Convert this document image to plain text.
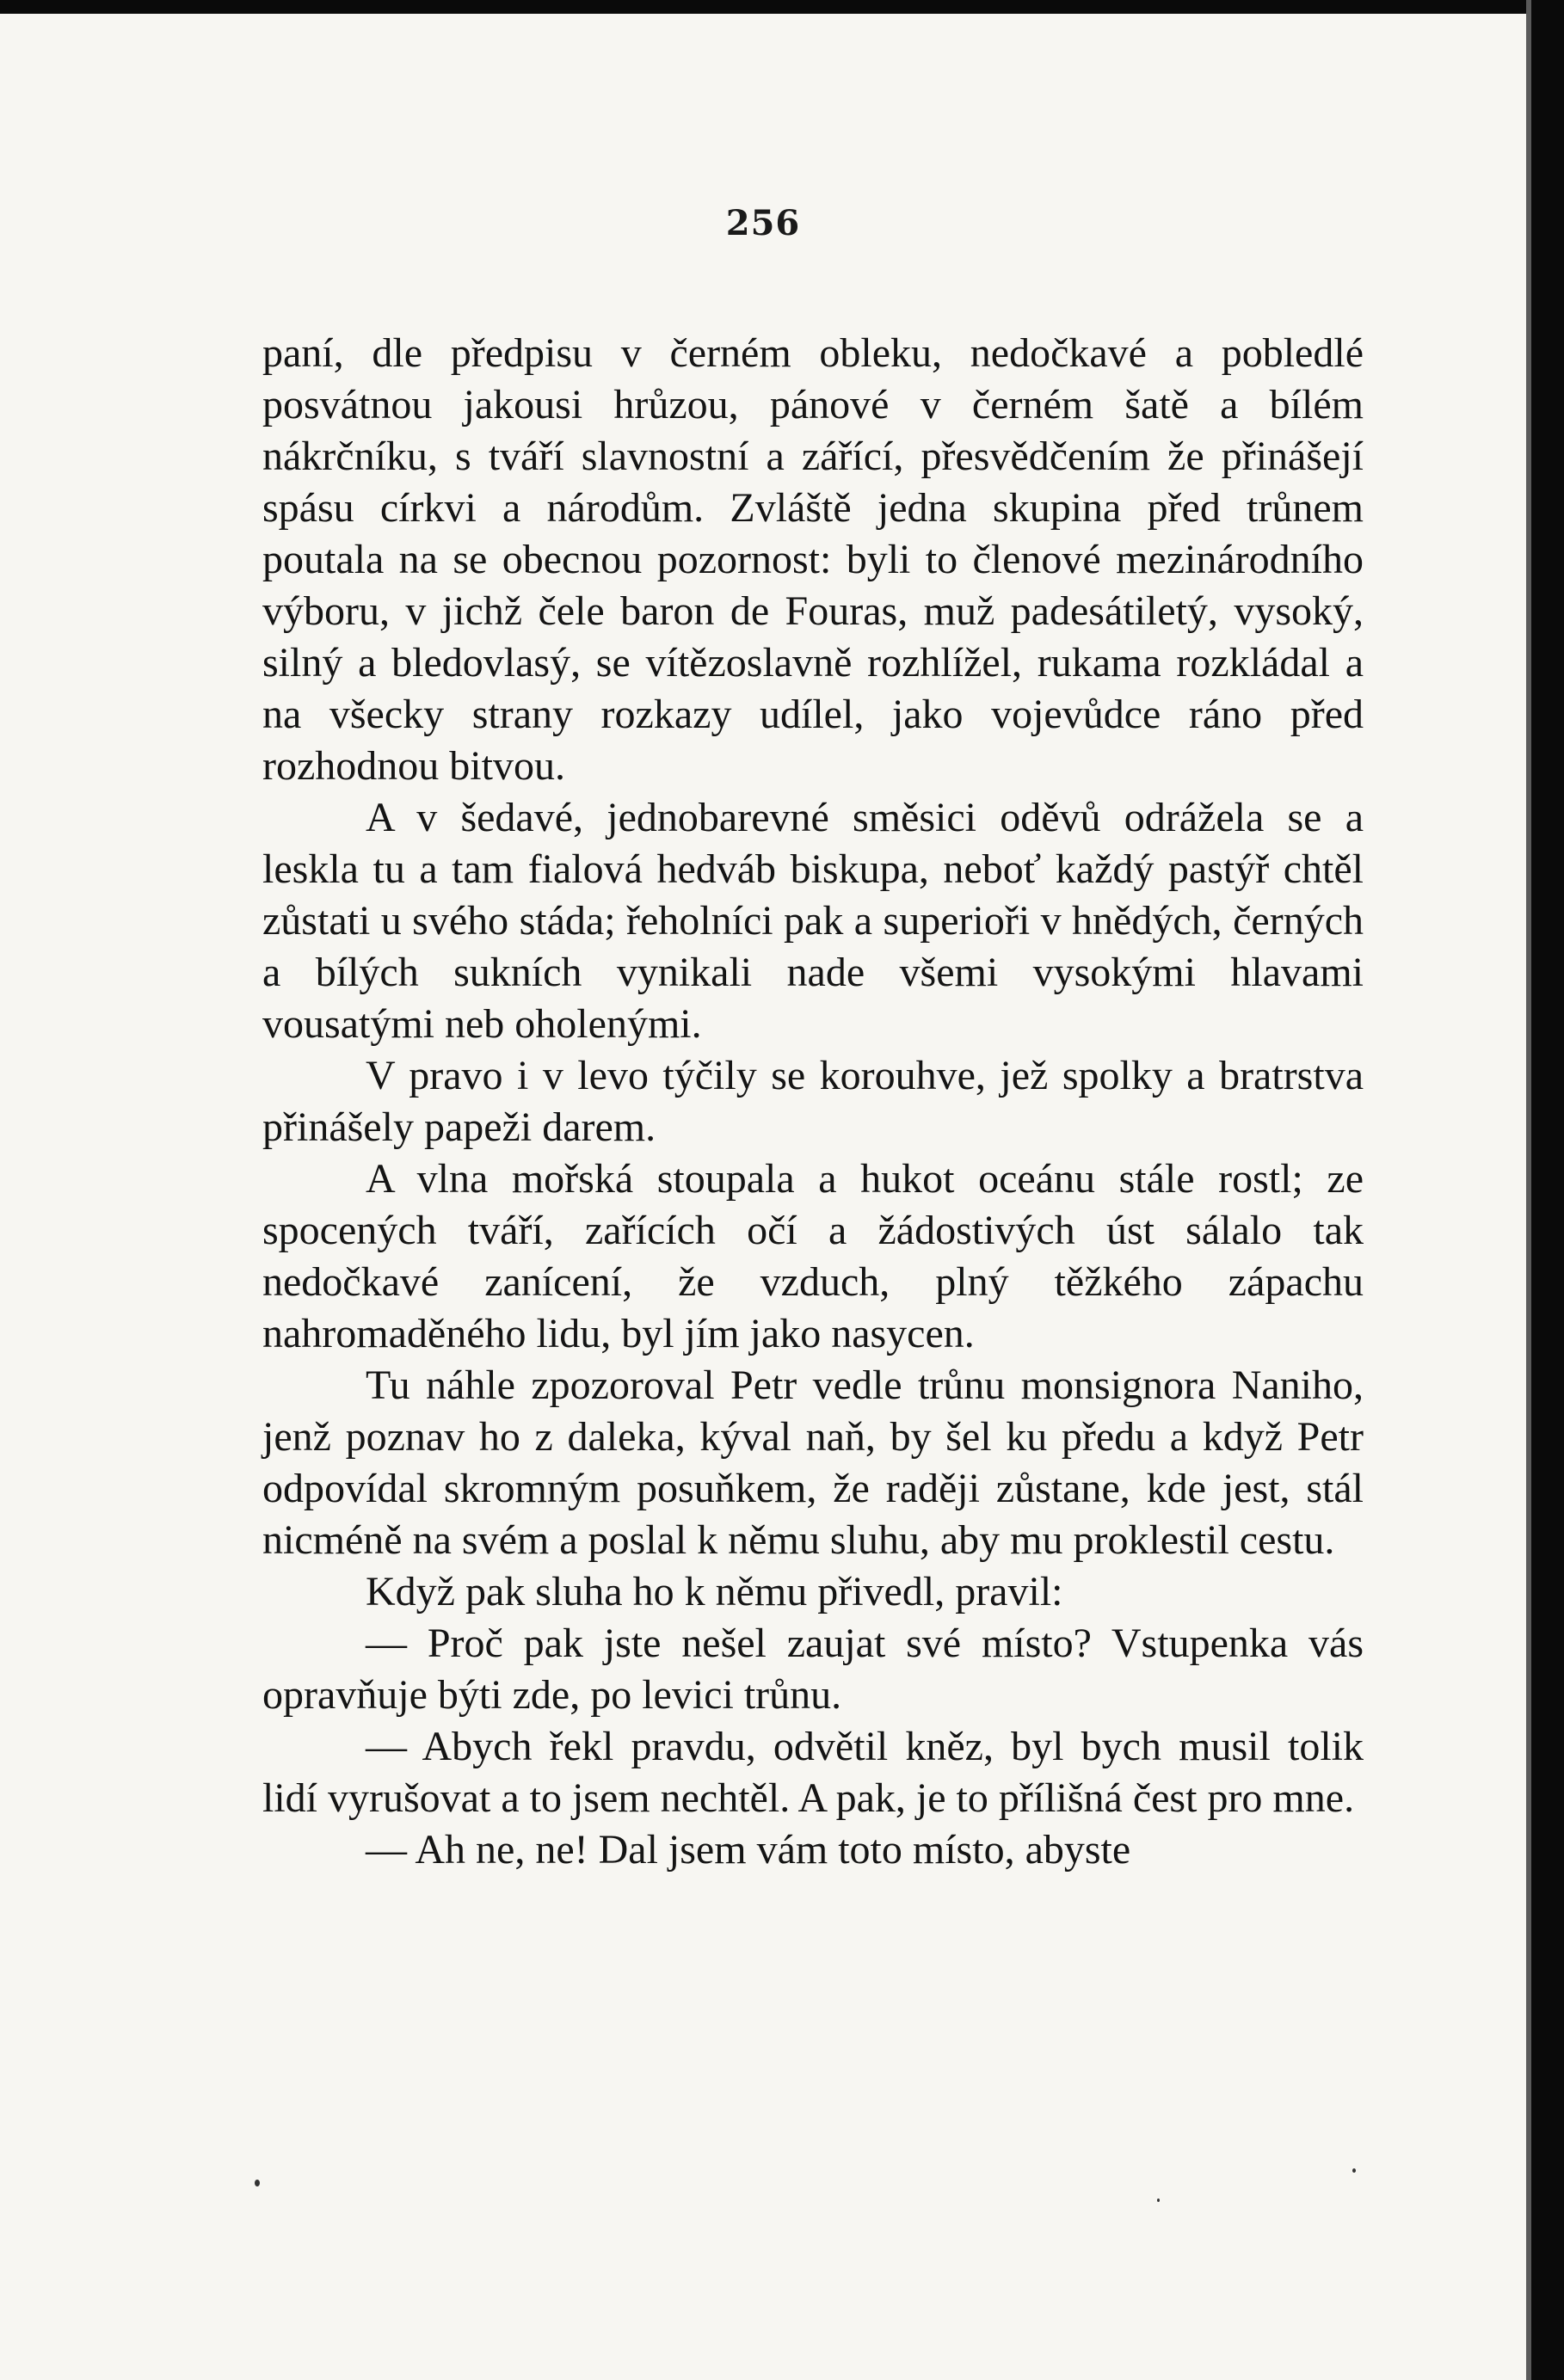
256

paní, dle předpisu v černém obleku, nedočkavé a pobledlé posvátnou jakousi hrůzou, pánové v černém šatě a bílém nákrčníku, s tváří slavnostní a zářící, přesvědčením že přinášejí spásu církvi a národům. Zvláště jedna skupina před trůnem poutala na se obecnou pozornost: byli to členové mezinárodního výboru, v jichž čele baron de Fouras, muž padesátiletý, vysoký, silný a bledovlasý, se vítězoslavně rozhlížel, rukama rozkládal a na všecky strany rozkazy udílel, jako vojevůdce ráno před rozhodnou bitvou.

A v šedavé, jednobarevné směsici oděvů odrážela se a leskla tu a tam fialová hedváb biskupa, neboť každý pastýř chtěl zůstati u svého stáda; řeholníci pak a superioři v hnědých, černých a bílých sukních vynikali nade všemi vysokými hlavami vousatými neb oholenými.

V pravo i v levo týčily se korouhve, jež spolky a bratrstva přinášely papeži darem.

A vlna mořská stoupala a hukot oceánu stále rostl; ze spocených tváří, zařících očí a žádostivých úst sálalo tak nedočkavé zanícení, že vzduch, plný těžkého zápachu nahromaděného lidu, byl jím jako nasycen.

Tu náhle zpozoroval Petr vedle trůnu monsignora Naniho, jenž poznav ho z daleka, kýval naň, by šel ku předu a když Petr odpovídal skromným posuňkem, že raději zůstane, kde jest, stál nicméně na svém a poslal k němu sluhu, aby mu proklestil cestu.

Když pak sluha ho k němu přivedl, pravil:

— Proč pak jste nešel zaujat své místo? Vstupenka vás opravňuje býti zde, po levici trůnu.

— Abych řekl pravdu, odvětil kněz, byl bych musil tolik lidí vyrušovat a to jsem nechtěl. A pak, je to přílišná čest pro mne.

— Ah ne, ne! Dal jsem vám toto místo, abyste
